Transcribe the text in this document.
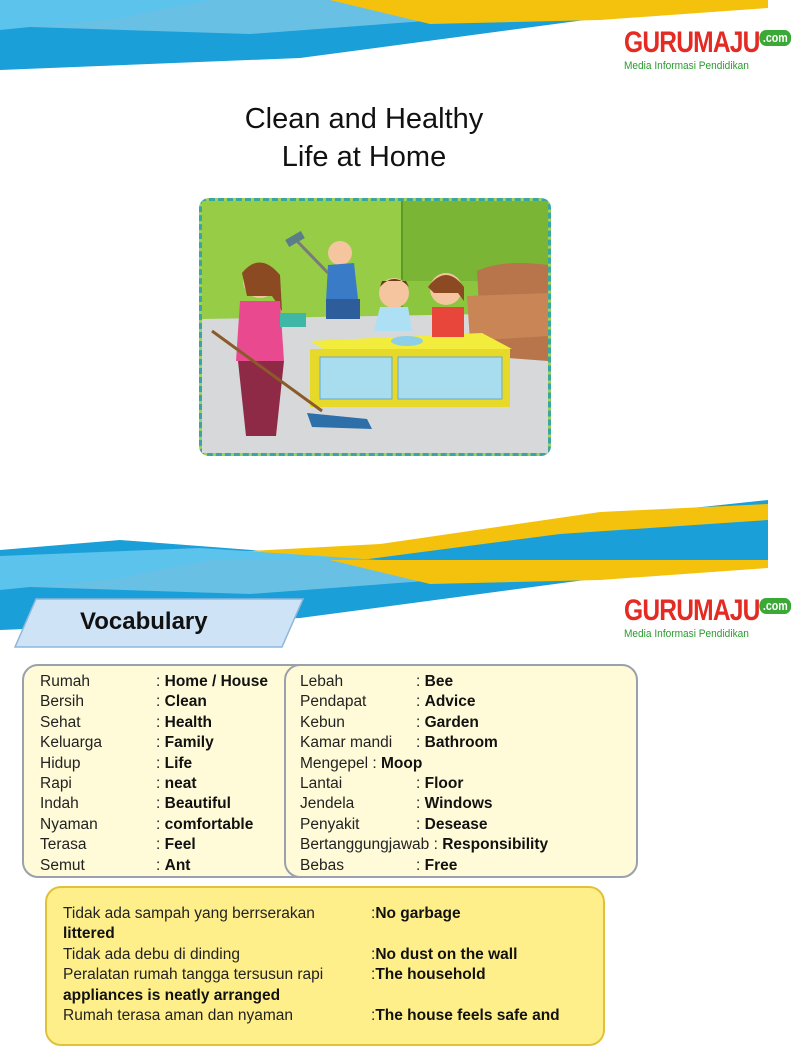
GURUMAJU .com
Media Informasi Pendidikan
Clean and Healthy
Life at Home
GURUMAJU .com
Media Informasi Pendidikan
Vocabulary
Rumah	: Home / House
Bersih	: Clean
Sehat	: Health
Keluarga	: Family
Hidup	: Life
Rapi	: neat
Indah	: Beautiful
Nyaman	: comfortable
Terasa	: Feel
Semut	: Ant
Lebah	: Bee
Pendapat	: Advice
Kebun	: Garden
Kamar mandi : Bathroom
Mengepel : Moop
Lantai	: Floor
Jendela	: Windows
Penyakit	: Desease
Bertanggungjawab : Responsibility
Bebas	: Free
Tidak ada sampah yang berrserakan	:No garbage
littered
Tidak ada debu di dinding	:No dust on the wall
Peralatan rumah tangga tersusun rapi	:The household
appliances is neatly arranged
Rumah terasa aman dan nyaman	:The house feels safe and
